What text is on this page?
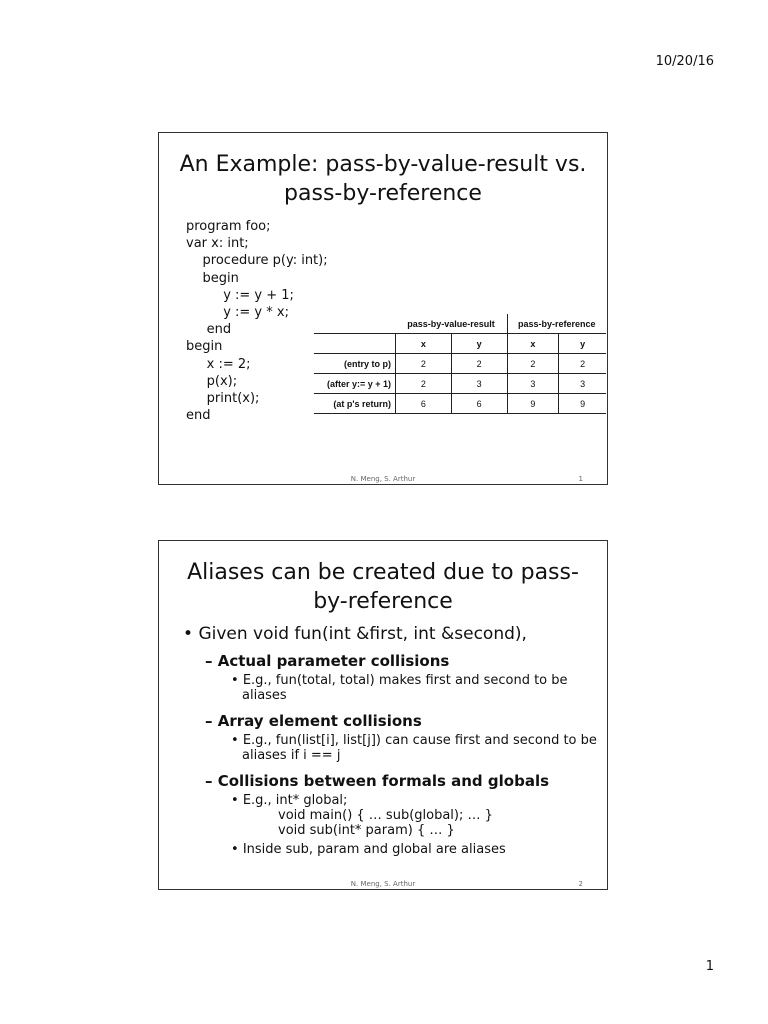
10/20/16
An Example: pass-by-value-result vs.
pass-by-reference
program foo;
var x: int;
procedure p(y: int);
begin
y := y + 1;
y := y * x;
end
begin
x := 2;
p(x);
print(x);
end
	pass-by-value-result		pass-by-reference	
	x	y	x	y
(entry to p)	2	2	2	2
(after y:= y + 1)	2	3	3	3
(at p's return)	6	6	9	9
N. Meng, S. Arthur	1
Aliases can be created due to pass-
by-reference
• Given void fun(int &first, int &second),
– Actual parameter collisions
• E.g., fun(total, total) makes first and second to be aliases
– Array element collisions
• E.g., fun(list[i], list[j]) can cause first and second to be aliases if i == j
– Collisions between formals and globals
• E.g., int* global;
void main() { … sub(global); … }
void sub(int* param) { … }
• Inside sub, param and global are aliases
N. Meng, S. Arthur	2
1
